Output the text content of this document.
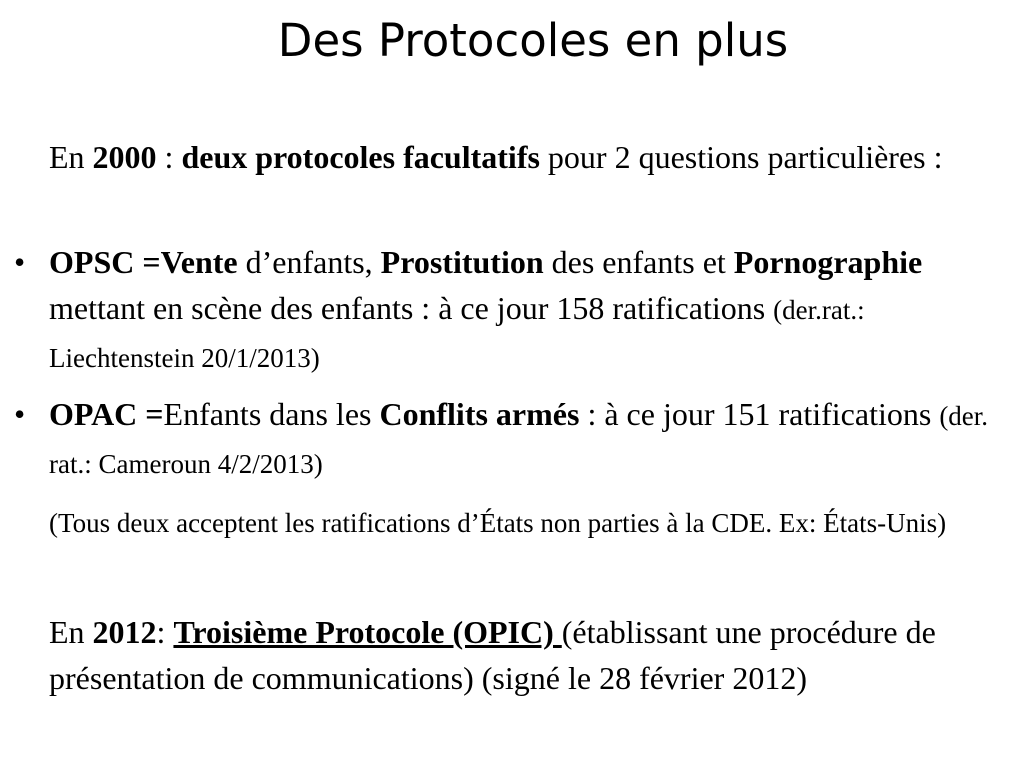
Des Protocoles en plus

En 2000 : deux protocoles facultatifs pour 2 questions particulières :

• OPSC =Vente d’enfants, Prostitution des enfants et Pornographie mettant en scène des enfants : à ce jour 158 ratifications (der.rat.: Liechtenstein 20/1/2013)

• OPAC =Enfants dans les Conflits armés : à ce jour 151 ratifications (der. rat.: Cameroun 4/2/2013)

(Tous deux acceptent les ratifications d’États non parties à la CDE. Ex: États-Unis)

En 2012: Troisième Protocole (OPIC) (établissant une procédure de présentation de communications) (signé le 28 février 2012)
